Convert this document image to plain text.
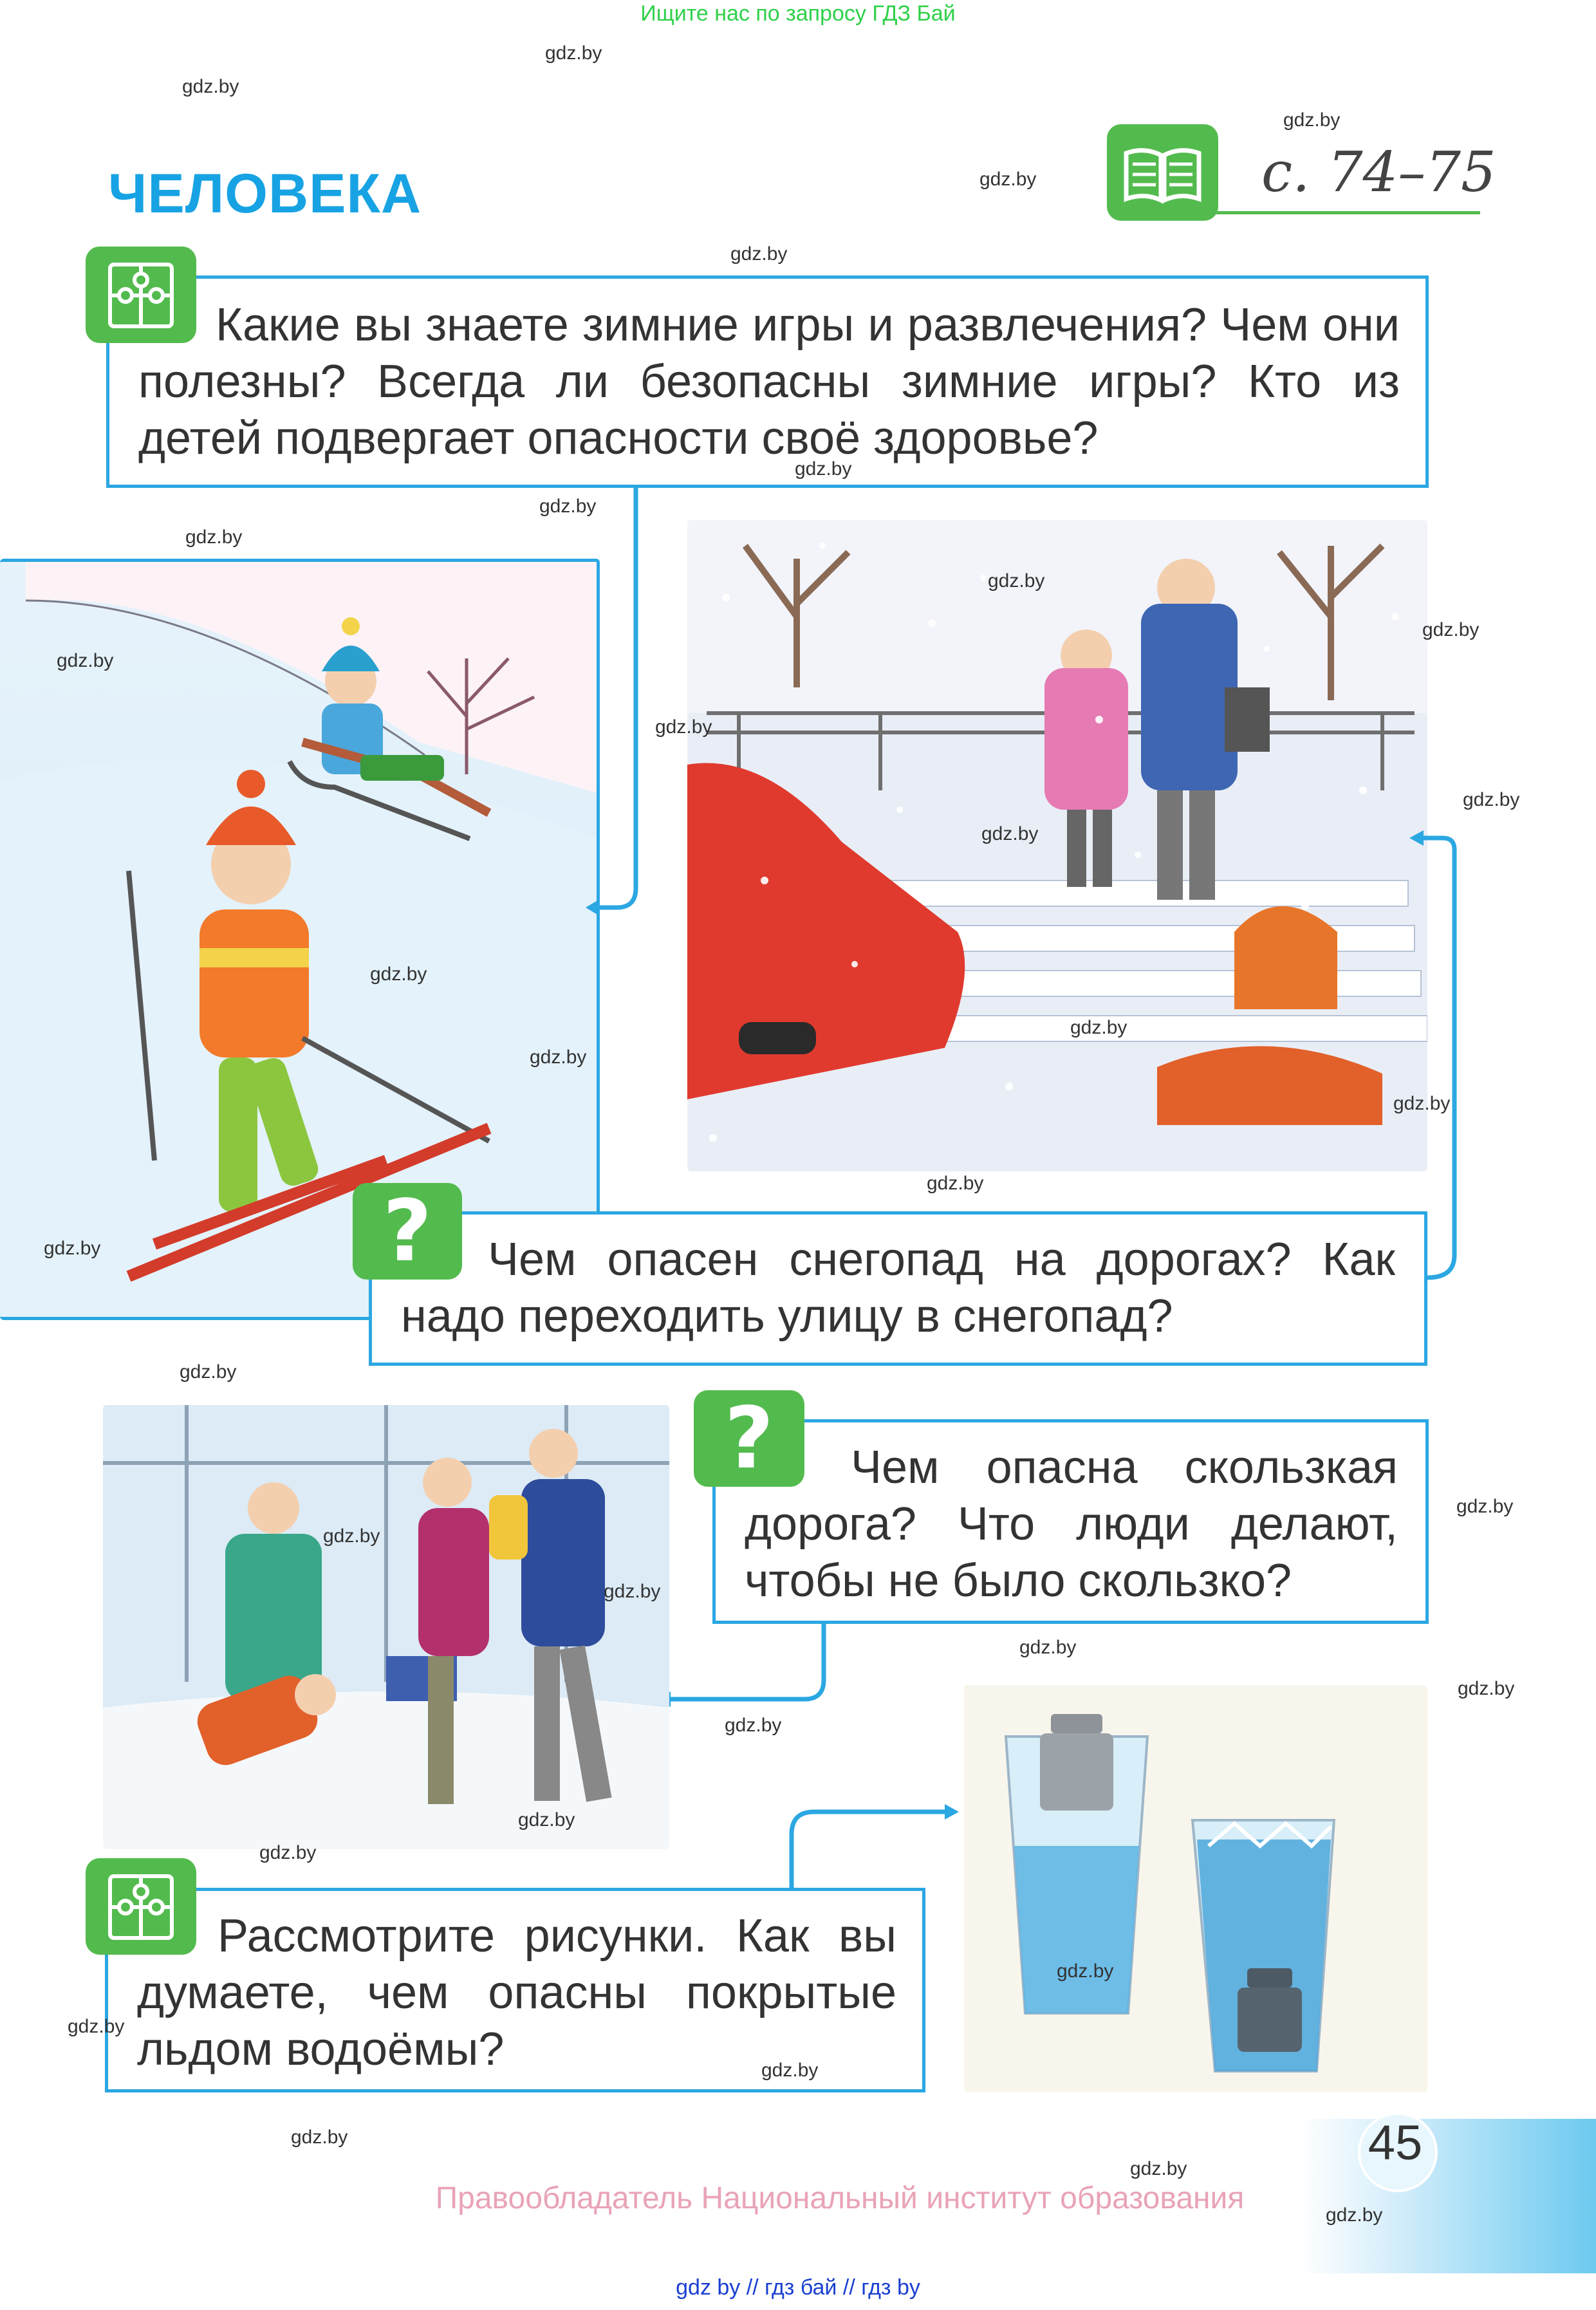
Ищите нас по запросу ГДЗ Бай
ЧЕЛОВЕКА	с. 74–75
Какие вы знаете зимние игры и развлечения? Чем они полезны? Всегда ли безопасны зимние игры? Кто из детей подвергает опасности своё здоровье?
Чем опасен снегопад на дорогах? Как надо переходить улицу в снегопад?
?
Чем опасна скользкая дорога? Что люди делают, чтобы не было скользко?
?
Рассмотрите рисунки. Как вы думаете, чем опасны покрытые льдом водоёмы?
45
Правообладатель Национальный институт образования
gdz by // гдз бай // гдз by
gdz.by
gdz.by
gdz.by
gdz.by
gdz.by
gdz.by
gdz.by
gdz.by
gdz.by
gdz.by
gdz.by
gdz.by
gdz.by
gdz.by
gdz.by
gdz.by
gdz.by
gdz.by
gdz.by
gdz.by
gdz.by
gdz.by
gdz.by
gdz.by
gdz.by
gdz.by
gdz.by
gdz.by
gdz.by
gdz.by
gdz.by
gdz.by
gdz.by
gdz.by
gdz.by
